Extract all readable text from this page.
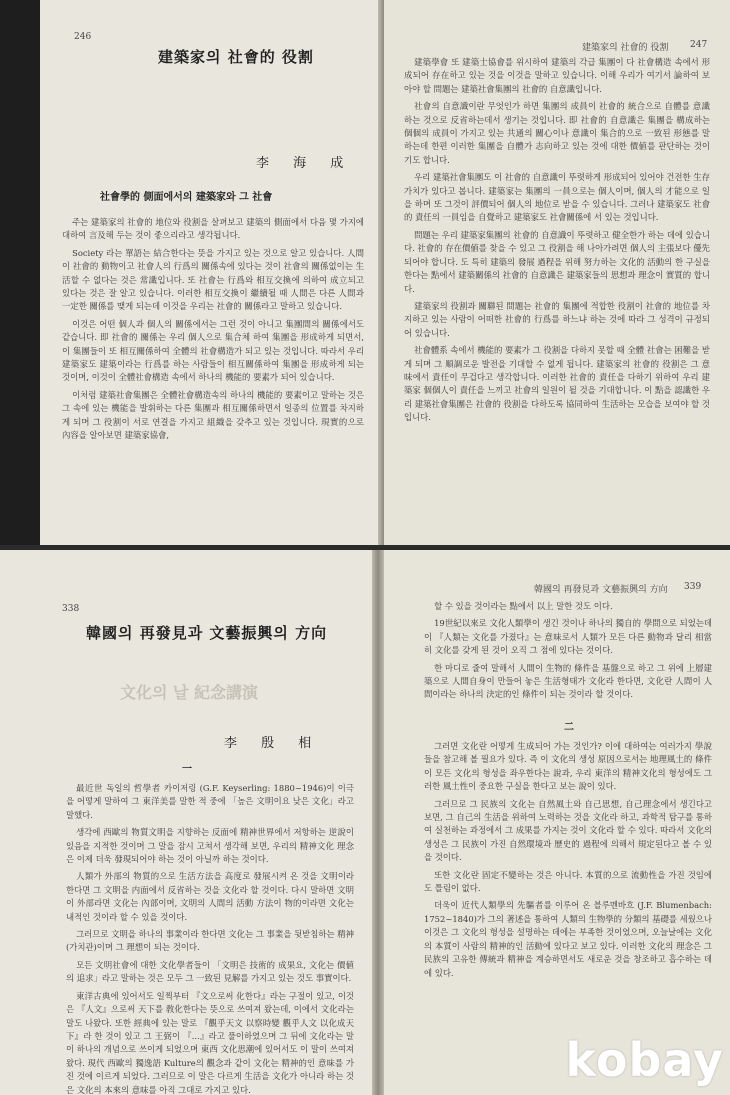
246
建築家의 社會的 役割
李 海 成
社會學的 側面에서의 建築家와 그 社會

주는 建築家의 社會的 地位와 役割을 살펴보고 建築의 側面에서 다음 몇 가지에 대하여 言及해 두는 것이 좋으리라고 생각됩니다.

Society 라는 單語는 結合한다는 뜻을 가지고 있는 것으로 알고 있습니다. 人間이 社會的 動物이고 社會人의 行爲의 關係속에 있다는 것이 社會의 關係없이는 生活할 수 없다는 것은 常識입니다. 또 社會는 行爲와 相互交換에 의하여 成立되고 있다는 것은 잘 알고 있습니다. 이러한 相互交換이 繼續될 때 人間은 다른 人間과 一定한 關係를 맺게 되는데 이것을 우리는 社會的 關係라고 말하고 있습니다.

이것은 어떤 個人과 個人의 關係에서는 그런 것이 아니고 集團間의 關係에서도 같습니다. 即 社會的 關係는 우리 個人으로 集合체 하여 集團을 形成하게 되면서, 이 集團들이 또 相互關係하여 全體의 社會構造가 되고 있는 것입니다. 따라서 우리 建築家도 建築이라는 行爲를 하는 사람들이 相互關係하여 集團을 形成하게 되는 것이며, 이것이 全體社會構造 속에서 하나의 機能的 要素가 되어 있습니다.

이처럼 建築社會集團은 全體社會構造속의 하나의 機能的 要素이고 말하는 것은 그 속에 있는 機能을 발휘하는 다른 集團과 相互關係하면서 일종의 位置를 차지하게 되며 그 役割이 서로 연결을 가지고 組織을 갖추고 있는 것입니다. 現實的으로 內容을 알아보면 建築家協會,

建築家의 社會的 役割 247

建築學會 또 建築士協會를 위시하여 建築의 각급 集團이 다 社會構造 속에서 形成되어 存在하고 있는 것을 이것을 말하고 있습니다. 이해 우리가 여기서 論하여 보아야 할 問題는 建築社會集團의 社會的 自意識입니다.

社會의 自意識이란 무엇인가 하면 集團의 成員이 社會的 統合으로 自體를 意識하는 것으로 反省하는데서 생기는 것입니다. 即 社會的 自意識은 集團을 構成하는 個個의 成員이 가지고 있는 共通의 關心이나 意識이 集合的으로 一致된 形態를 말하는데 한편 이러한 集團을 自體가 志向하고 있는 것에 대한 價値를 판단하는 것이기도 합니다.

우리 建築社會集團도 이 社會的 自意識이 뚜렷하게 形成되어 있어야 건전한 生存가치가 있다고 봅니다. 建築家는 集團의 一員으로는 個人이며, 個人의 才能으로 일을 하며 또 그것이 評價되어 個人의 地位로 받을 수 있습니다. 그러나 建築家도 社會的 責任의 一員임을 自覺하고 建築家도 社會關係에 서 있는 것입니다.

問題는 우리 建築家集團의 社會的 自意識이 뚜렷하고 健全한가 하는 데에 있습니다. 社會的 存在價値를 찾을 수 있고 그 役割을 해 나아가려면 個人의 主張보다 優先되어야 합니다. 도 특히 建築의 發展 過程을 위해 努力하는 文化的 活動의 한 구실을 한다는 點에서 建築關係의 社會的 自意識은 建築家들의 思想과 理念이 實質的 합니다.

建築家의 役割과 關聯된 問題는 社會的 集團에 적합한 役割이 社會的 地位를 차지하고 있는 사람이 어떠한 社會的 行爲를 하느냐 하는 것에 따라 그 성격이 규정되어 있습니다.

社會體系 속에서 機能的 要素가 그 役割을 다하지 못할 때 全體 社會는 困難을 받게 되며 그 順調로운 발전을 기대할 수 없게 됩니다. 建築家의 社會的 役割은 그 意味에서 責任이 무겁다고 생각합니다. 이러한 社會的 責任을 다하기 위하여 우리 建築家 個個人이 責任을 느끼고 社會의 일원이 될 것을 기대합니다. 이 點을 認識한 우리 建築社會集團은 社會的 役割을 다하도록 協同하여 生活하는 모습을 보여야 할 것입니다.

338
韓國의 再發見과 文藝振興의 方向
文化의 날 紀念講演
李 殷 相
一

最近世 독일의 哲學者 카이저링 (G.F. Keyserling: 1880~1946)이 이극을 어떻게 말하여 그 東洋美를 말한 적 중에 「높은 文明이요 낮은 文化」라고 말했다.

생각에 西歐의 物質文明을 지향하는 反面에 精神世界에서 저항하는 逆說이 있음을 지적한 것이며 그 말을 잠시 고쳐서 생각해 보면, 우리의 精神文化 理念은 이제 더욱 發現되어야 하는 것이 아닐까 하는 것이다.

人類가 外部의 物質的으로 生活方法을 高度로 發展시켜 온 것을 文明이라 한다면 그 文明을 内面에서 反省하는 것을 文化라 할 것이다. 다시 말하면 文明이 外部라면 文化는 內部이며, 文明의 人間의 活動 方法이 物的이라면 文化는 내적인 것이라 할 수 있을 것이다.

그러므로 文明을 하나의 事業이라 한다면 文化는 그 事業을 뒷받침하는 精神(가치관)이며 그 理想이 되는 것이다.

모든 文明社會에 대한 文化學者들이 「文明은 技術的 成果요, 文化는 價値의 追求」라고 말하는 것은 모두 그 一致된 見解를 가지고 있는 것도 事實이다.

東洋古典에 있어서도 일찍부터 『文으로써 化한다』라는 구절이 있고, 이것은 『人文』으로써 天下를 敎化한다는 뜻으로 쓰여져 왔는데, 이에서 文化라는 말도 나왔다. 또한 經典에 있는 말로 『觀乎天文 以察時變 觀乎人文 以化成天下』라 한 것이 있고 그 王弼이 『...』라고 풀이하였으며 그 뒤에 文化라는 말이 하나의 개념으로 쓰이게 되었으며 東西 文化思潮에 있어서도 이 말이 쓰여져 왔다. 現代 西歐의 獨逸語 Kulture의 觀念과 같이 文化는 精神的인 意味를 가진 것에 이르게 되었다. 그러므로 이 말은 다르게 生活을 文化가 아니라 하는 것은 文化의 本來의 意味를 아직 그대로 가지고 있다.

韓國의 再發見과 文藝振興의 方向 339

할 수 있을 것이라는 點에서 以上 말한 것도 이다.

19世紀以來로 文化人類學이 생긴 것이나 하나의 獨自的 學問으로 되었는데 이 『人類는 文化를 가졌다』는 意味로서 人類가 모든 다른 動物과 달리 相當히 文化를 갖게 된 것이 오직 그 점에 있다는 것이다.

한 마디로 줄여 말해서 人間이 生物的 條件을 基盤으로 하고 그 위에 上層建築으로 人間自身이 만들어 놓은 生活형태가 文化라 한다면, 文化란 人間이 人間이라는 하나의 決定的인 條件이 되는 것이라 할 것이다.

二

그러면 文化란 어떻게 生成되어 가는 것인가? 이에 대하여는 여러가지 學說들을 참고해 볼 필요가 있다. 즉 이 文化의 생성 原因으로서는 地理風土的 條件이 모든 文化의 형성을 좌우한다는 說과, 우리 東洋의 精神文化의 형성에도 그러한 風土性이 중요한 구실을 한다고 보는 說이 있다.

그러므로 그 民族의 文化는 自然風土와 自己思想, 自己理念에서 생긴다고 보면, 그 自己의 生活을 위하여 노력하는 것을 文化라 하고, 과학적 탐구를 통하여 실천하는 과정에서 그 成果를 가지는 것이 文化라 할 수 있다. 따라서 文化의 생성은 그 民族이 가진 自然環境과 歷史的 過程에 의해서 規定된다고 볼 수 있을 것이다.

또한 文化란 固定不變하는 것은 아니다. 本質的으로 流動性을 가진 것임에도 틀림이 없다.

더욱이 近代人類學의 先驅者를 이루어 온 블루멘바흐 (J.F. Blumenbach: 1752~1840)가 그의 著述을 통하여 人類의 生物學的 分類의 基礎를 세웠으나 이것은 그 文化의 형성을 설명하는 데에는 부족한 것이었으며, 오늘날에는 文化의 本質이 사람의 精神的인 活動에 있다고 보고 있다. 이러한 文化의 理念은 그 民族의 고유한 傳統과 精神을 계승하면서도 새로운 것을 창조하고 흡수하는 데에 있다.

kobay
